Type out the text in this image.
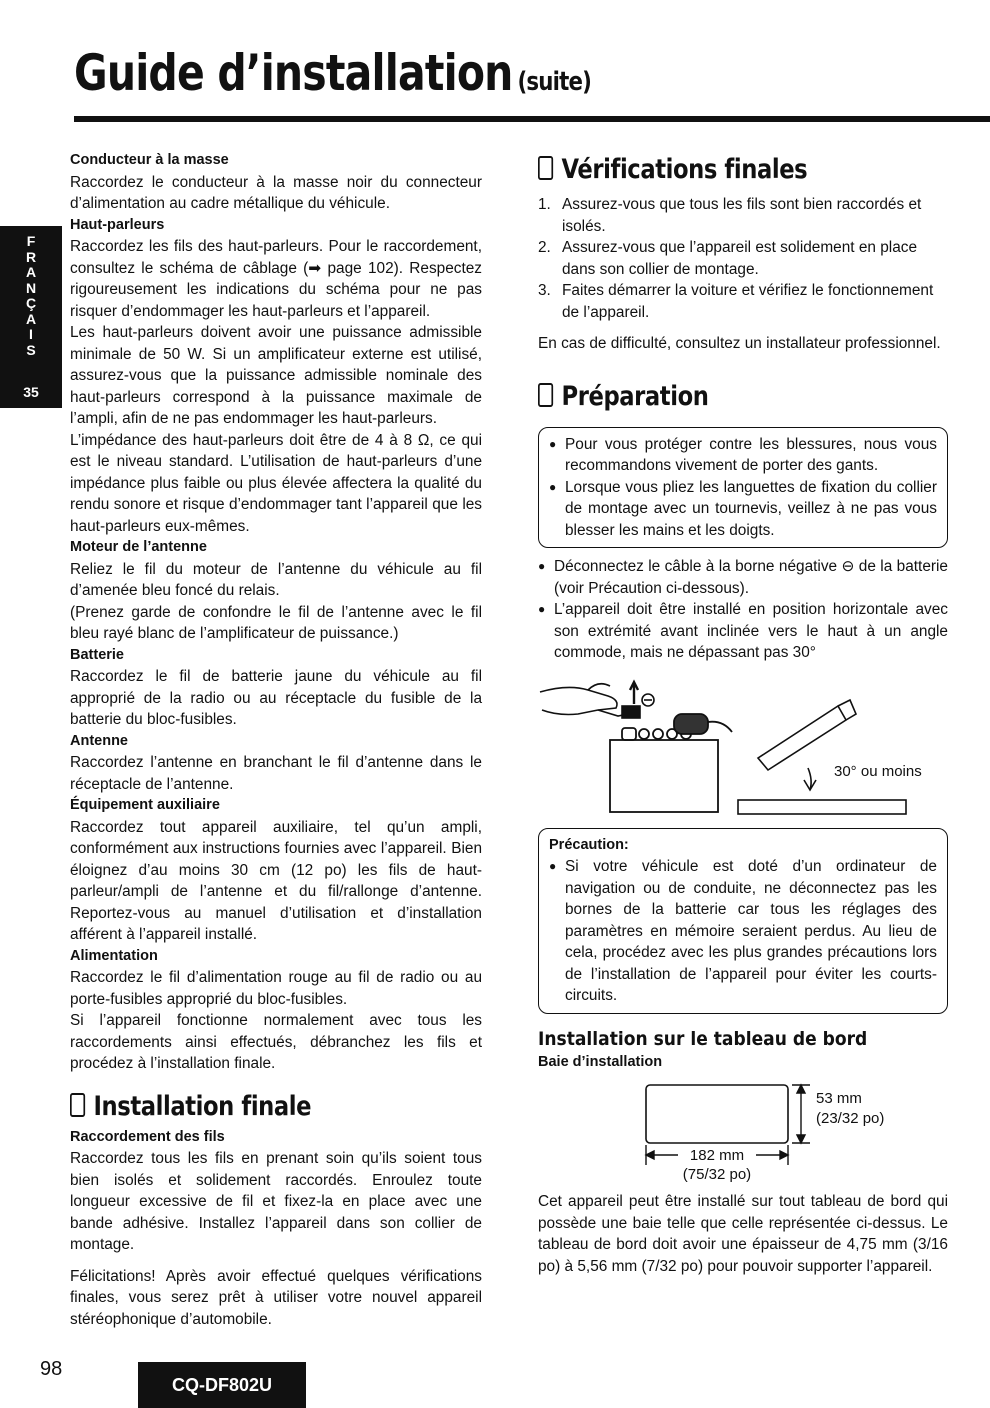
Guide d’installation (suite)
F
R
A
N
Ç
A
I
S
35
Conducteur à la masse

Raccordez le conducteur à la masse noir du connecteur d’alimentation au cadre métallique du véhicule.

Haut-parleurs

Raccordez les fils des haut-parleurs. Pour le raccordement, consultez le schéma de câblage (➡ page 102). Respectez rigoureusement les indications du schéma pour ne pas risquer d’endommager les haut-parleurs et l’appareil.

Les haut-parleurs doivent avoir une puissance admissible minimale de 50 W. Si un amplificateur externe est utilisé, assurez-vous que la puissance admissible nominale des haut-parleurs correspond à la puissance maximale de l’ampli, afin de ne pas endommager les haut-parleurs.

L’impédance des haut-parleurs doit être de 4 à 8 Ω, ce qui est le niveau standard. L’utilisation de haut-parleurs d’une impédance plus faible ou plus élevée affectera la qualité du rendu sonore et risque d’endommager tant l’appareil que les haut-parleurs eux-mêmes.

Moteur de l’antenne

Reliez le fil du moteur de l’antenne du véhicule au fil d’amenée bleu foncé du relais.

(Prenez garde de confondre le fil de l’antenne avec le fil bleu rayé blanc de l’amplificateur de puissance.)

Batterie

Raccordez le fil de batterie jaune du véhicule au fil approprié de la radio ou au réceptacle du fusible de la batterie du bloc-fusibles.

Antenne

Raccordez l’antenne en branchant le fil d’antenne dans le réceptacle de l’antenne.

Équipement auxiliaire

Raccordez tout appareil auxiliaire, tel qu’un ampli, conformément aux instructions fournies avec l’appareil. Bien éloignez d’au moins 30 cm (12 po) les fils de haut-parleur/ampli de l’antenne et du fil/rallonge d’antenne. Reportez-vous au manuel d’utilisation et d’installation afférent à l’appareil installé.

Alimentation

Raccordez le fil d’alimentation rouge au fil de radio ou au porte-fusibles approprié du bloc-fusibles.

Si l’appareil fonctionne normalement avec tous les raccordements ainsi effectués, débranchez les fils et procédez à l’installation finale.

Installation finale
Raccordement des fils

Raccordez tous les fils en prenant soin qu’ils soient tous bien isolés et solidement raccordés. Enroulez toute longueur excessive de fil et fixez-la en place avec une bande adhésive. Installez l’appareil dans son collier de montage.

Félicitations! Après avoir effectué quelques vérifications finales, vous serez prêt à utiliser votre nouvel appareil stéréophonique d’automobile.

Vérifications finales
1. Assurez-vous que tous les fils sont bien raccordés et isolés.
2. Assurez-vous que l’appareil est solidement en place dans son collier de montage.
3. Faites démarrer la voiture et vérifiez le fonctionnement de l’appareil.

En cas de difficulté, consultez un installateur professionnel.

Préparation
● Pour vous protéger contre les blessures, nous vous recommandons vivement de porter des gants.
● Lorsque vous pliez les languettes de fixation du collier de montage avec un tournevis, veillez à ne pas vous blesser les mains et les doigts.
● Déconnectez le câble à la borne négative ⊖ de la batterie (voir Précaution ci-dessous).
● L’appareil doit être installé en position horizontale avec son extrémité avant inclinée vers le haut à un angle commode, mais ne dépassant pas 30°
30° ou moins
Précaution:
● Si votre véhicule est doté d’un ordinateur de navigation ou de conduite, ne déconnectez pas les bornes de la batterie car tous les réglages des paramètres en mémoire seraient perdus. Au lieu de cela, procédez avec les plus grandes précautions lors de l’installation de l’appareil pour éviter les courts-circuits.
Installation sur le tableau de bord
Baie d’installation
53 mm
(23/32 po)
182 mm
(75/32 po)

Cet appareil peut être installé sur tout tableau de bord qui possède une baie telle que celle représentée ci-dessus. Le tableau de bord doit avoir une épaisseur de 4,75 mm (3/16 po) à 5,56 mm (7/32 po) pour pouvoir supporter l’appareil.

98
CQ-DF802U
